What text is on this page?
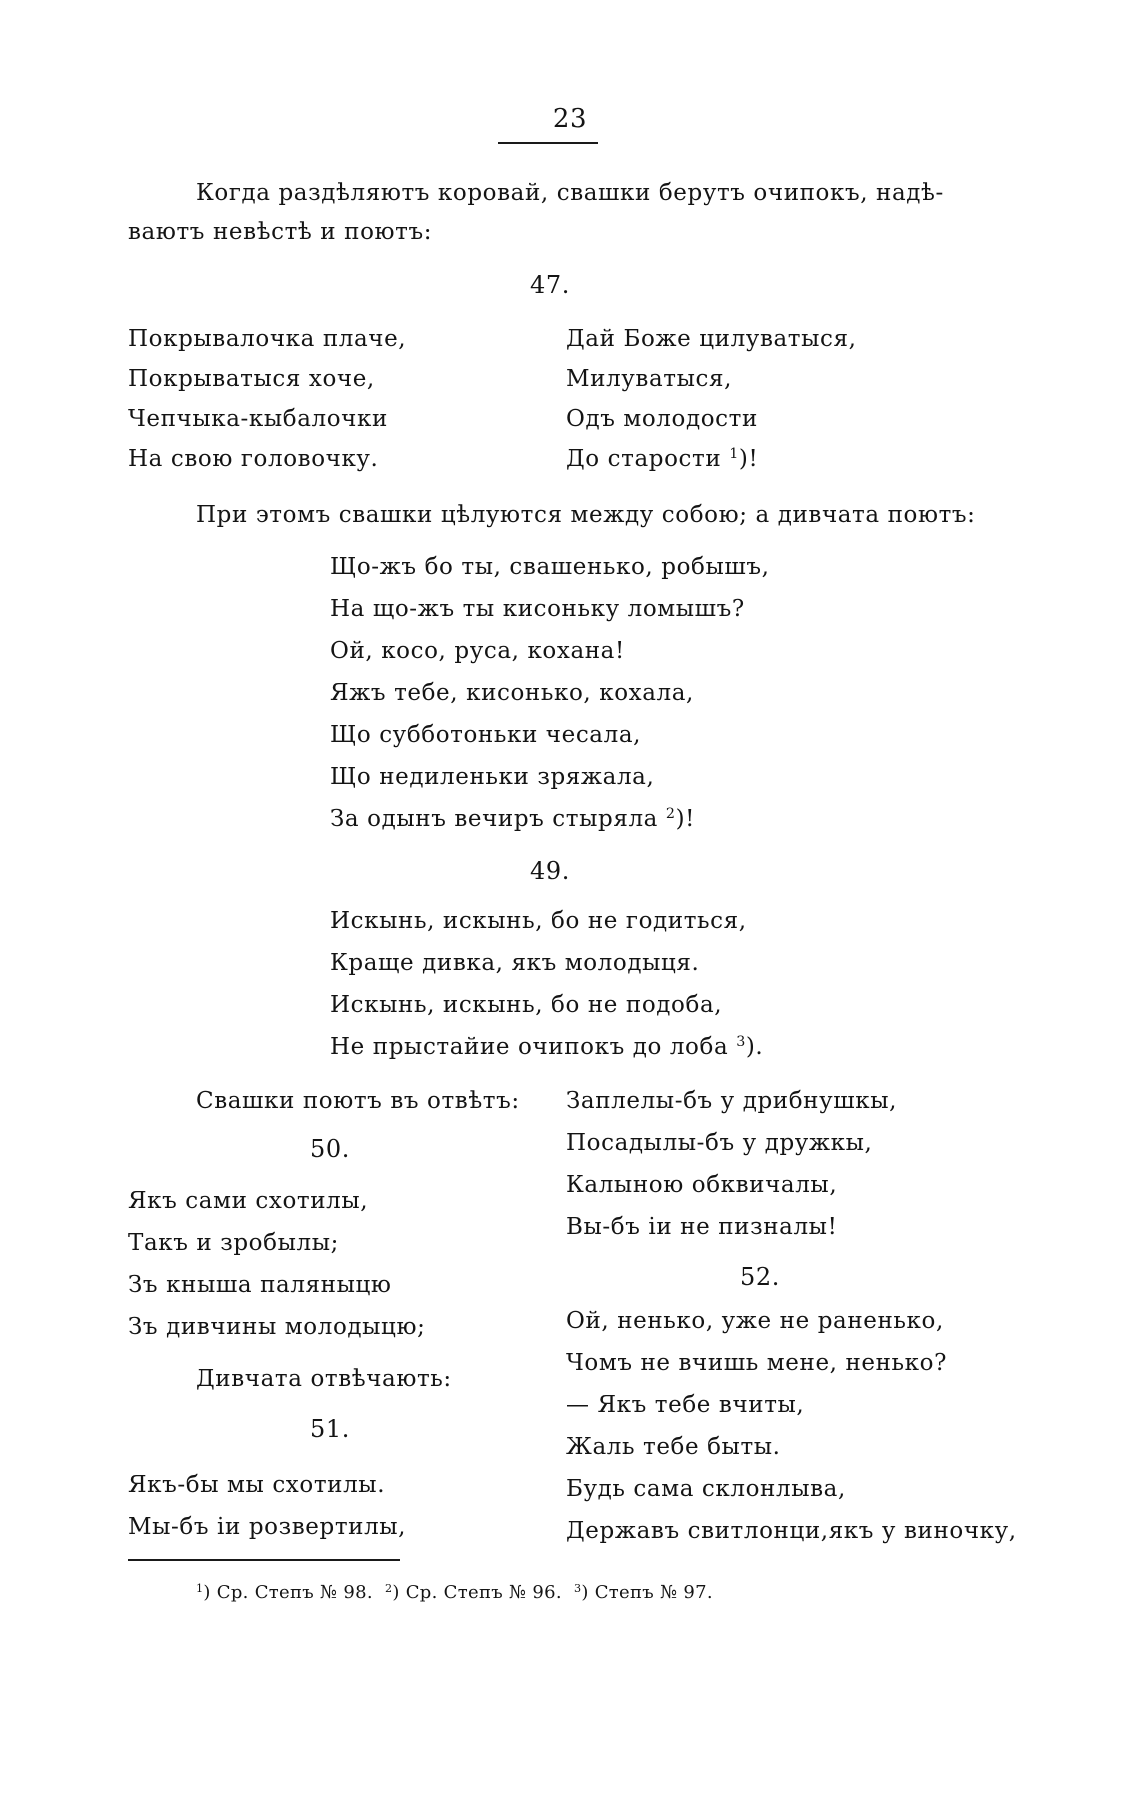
23
Когда раздѣляютъ коровай, свашки берутъ очипокъ, надѣ-
ваютъ невѣстѣ и поютъ:
47.
Покрывалочка плаче,
Покрыватыся хоче,
Чепчыка-кыбалочки
На свою головочку.
Дай Боже цилуватыся,
Милуватыся,
Одъ молодости
До старости $^1$)!
При этомъ свашки цѣлуются между собою; а дивчата поютъ:
Що-жъ бо ты, свашенько, робышъ,
На що-жъ ты кисоньку ломышъ?
Ой, косо, руса, кохана!
Яжъ тебе, кисонько, кохала,
Що субботоньки чесала,
Що недиленьки зряжала,
За одынъ вечиръ стыряла $^2$)!
49.
Искынь, искынь, бо не годиться,
Краще дивка, якъ молодыця.
Искынь, искынь, бо не подоба,
Не прыстайие очипокъ до лоба $^3$).
Свашки поютъ въ отвѣтъ:
50.
Якъ сами схотилы,
Такъ и зробылы;
Зъ кныша паляныцю
Зъ дивчины молодыцю;
Дивчата отвѣчають:
51.
Якъ-бы мы схотилы.
Мы-бъ іи розвертилы,
Заплелы-бъ у дрибнушкы,
Посадылы-бъ у дружкы,
Калыною обквичалы,
Вы-бъ іи не пизналы!
52.
Ой, ненько, уже не раненько,
Чомъ не вчишь мене, ненько?
— Якъ тебе вчиты,
Жаль тебе быты.
Будь сама склонлыва,
Державъ свитлонци,якъ у виночку,
$^1$) Ср. Степъ № 98. $^2$) Ср. Степъ № 96. $^3$) Степъ № 97.
